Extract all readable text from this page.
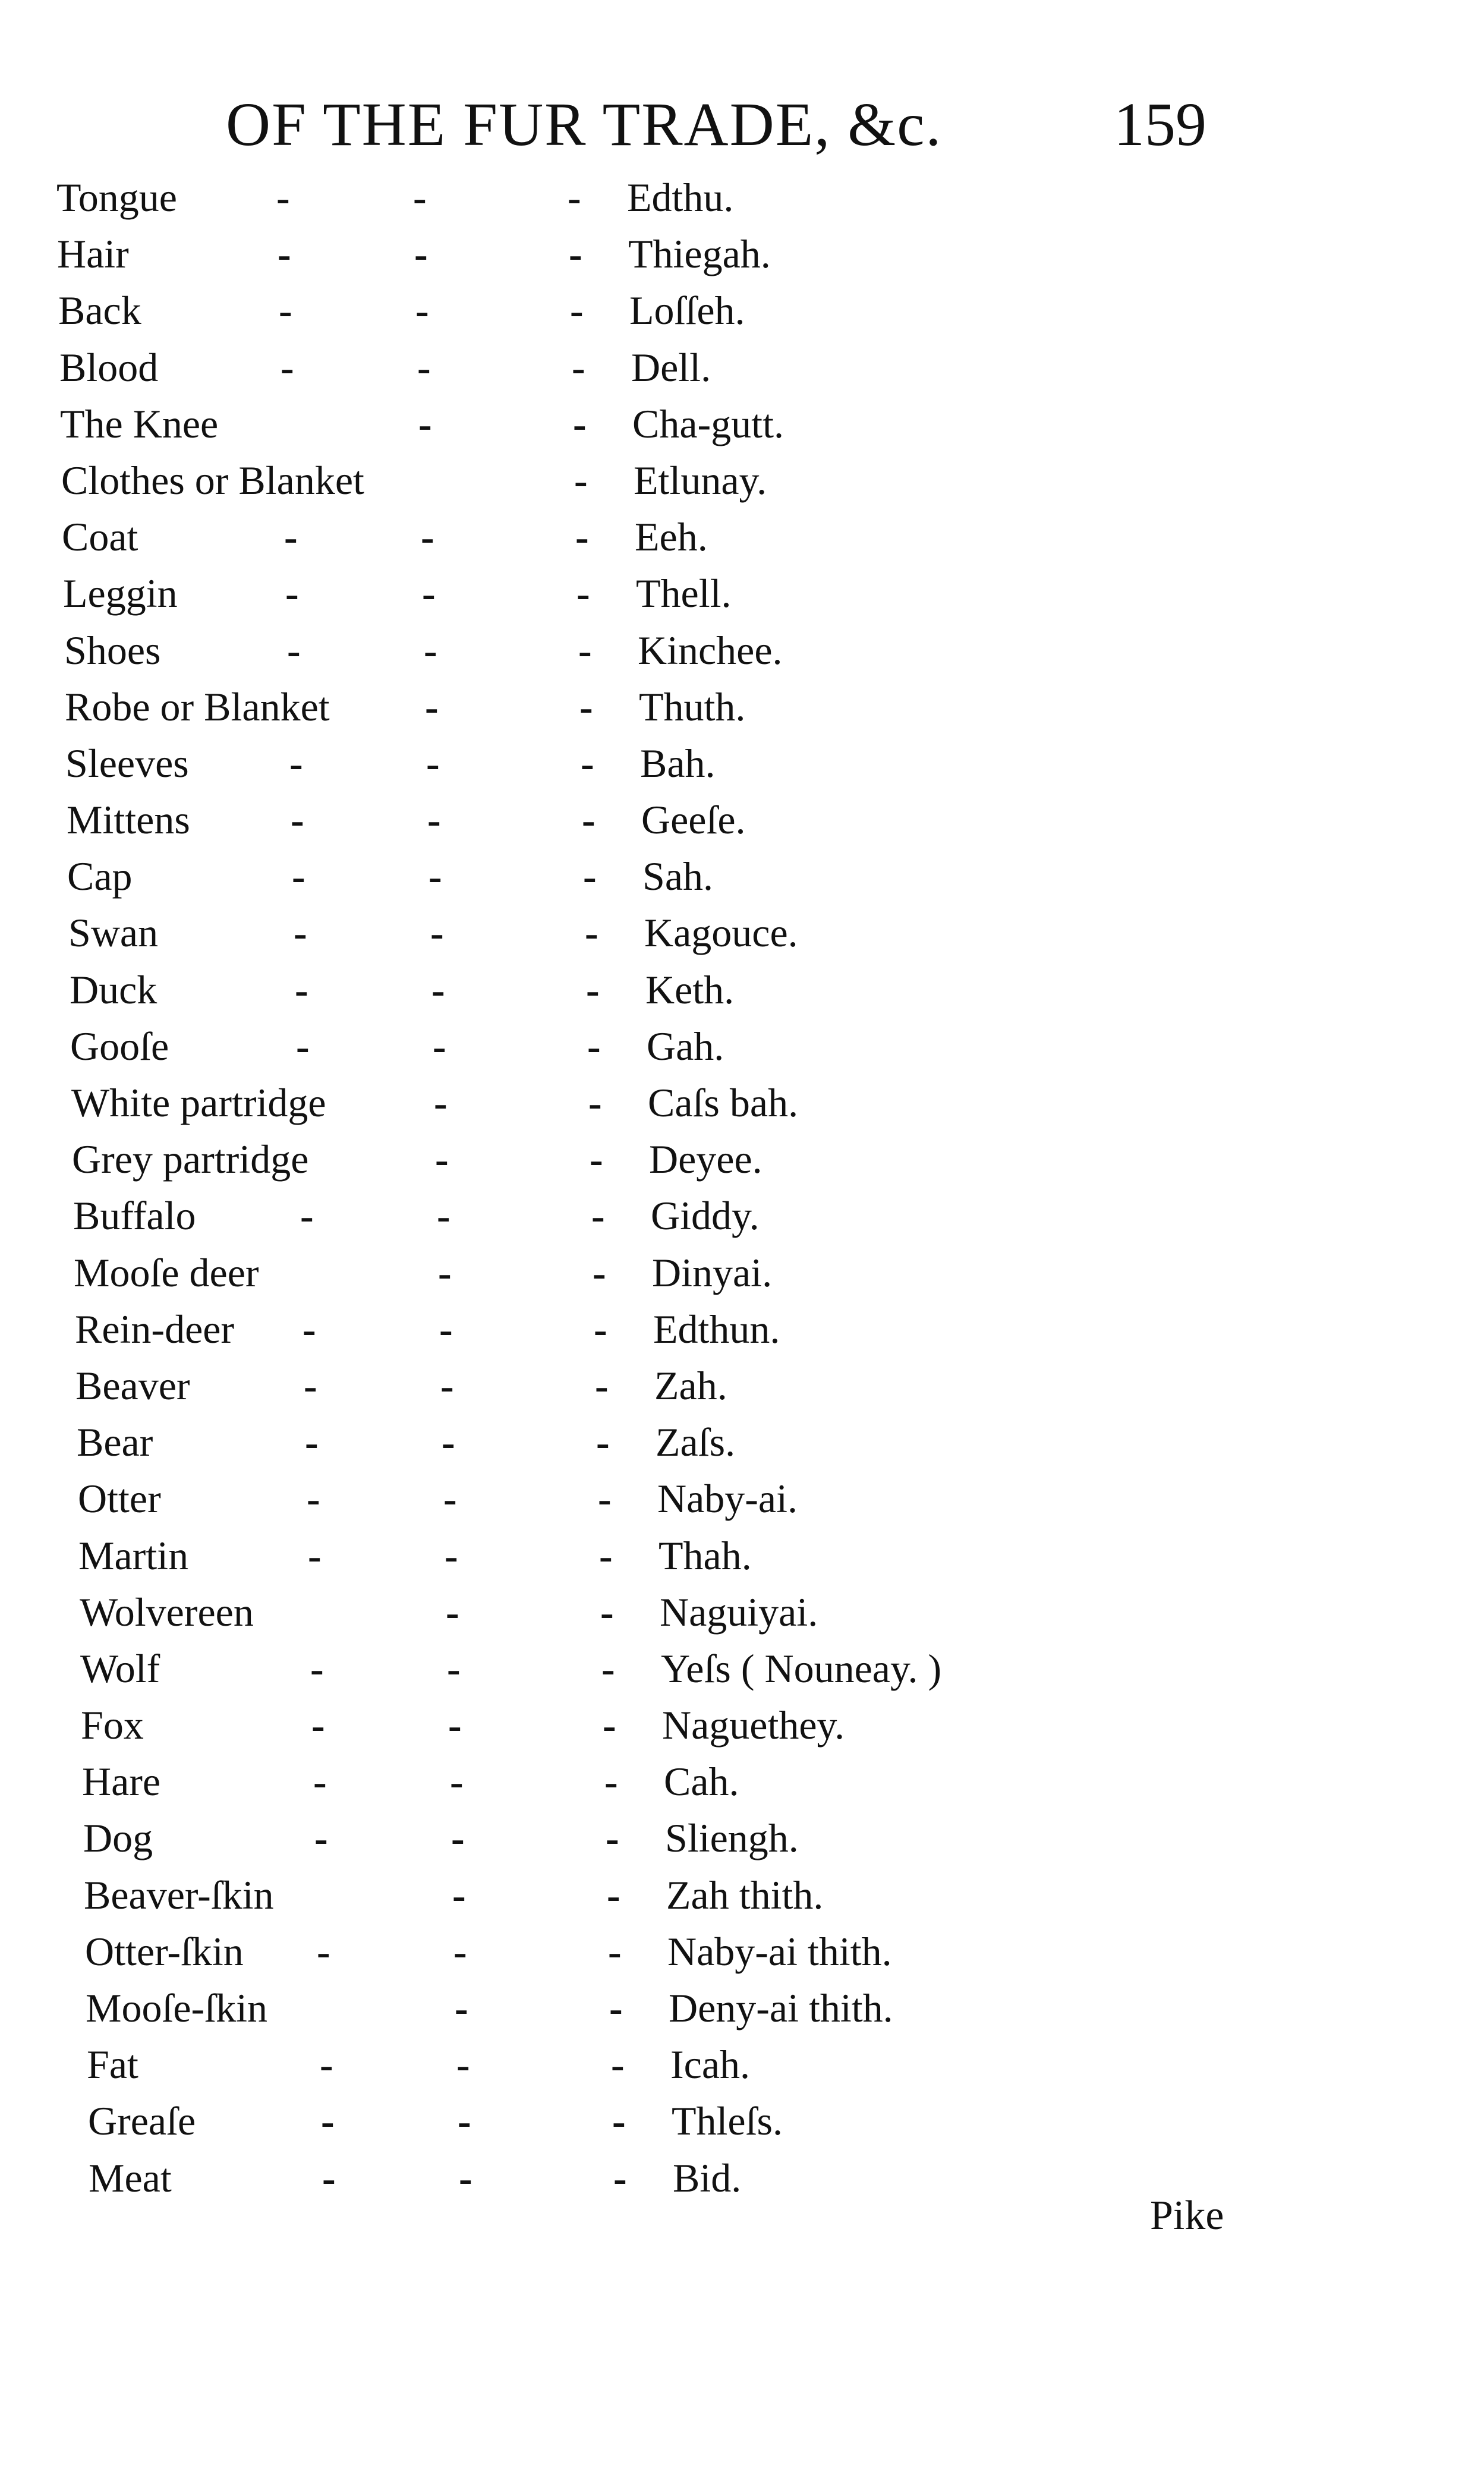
OF THE FUR TRADE, &c.	159
Tongue -	-	- Edthu.
Hair	-	-	- Thiegah.
Back	-	-	- Loſſeh.
Blood	-	-	- Dell.
The Knee	-	- Cha-gutt.
Clothes or Blanket	- Etlunay.
Coat	-	-	- Eeh.
Leggin	-	-	- Thell.
Shoes	-	-	- Kinchee.
Robe or Blanket -	- Thuth.
Sleeves -	-	- Bah.
Mittens -	-	- Geeſe.
Cap	-	-	- Sah.
Swan	-	-	- Kagouce.
Duck	-	-	- Keth.
Gooſe	-	-	- Gah.
White partridge	-	- Caſs bah.
Grey partridge	-	- Deyee.
Buffalo	-	-	- Giddy.
Mooſe deer	-	- Dinyai.
Rein-deer -	-	- Edthun.
Beaver	-	-	- Zah.
Bear	-	-	- Zaſs.
Otter	-	-	- Naby-ai.
Martin	-	-	- Thah.
Wolvereen	-	- Naguiyai.
Wolf	-	-	- Yeſs ( Nouneay. )
Fox	-	-	- Naguethey.
Hare	-	-	- Cah.
Dog	-	-	- Sliengh.
Beaver-ſkin	-	- Zah thith.
Otter-ſkin -	-	- Naby-ai thith.
Mooſe-ſkin	-	- Deny-ai thith.
Fat	-	-	- Icah.
Greaſe	-	-	- Thleſs.
Meat	-	-	- Bid.
Pike
